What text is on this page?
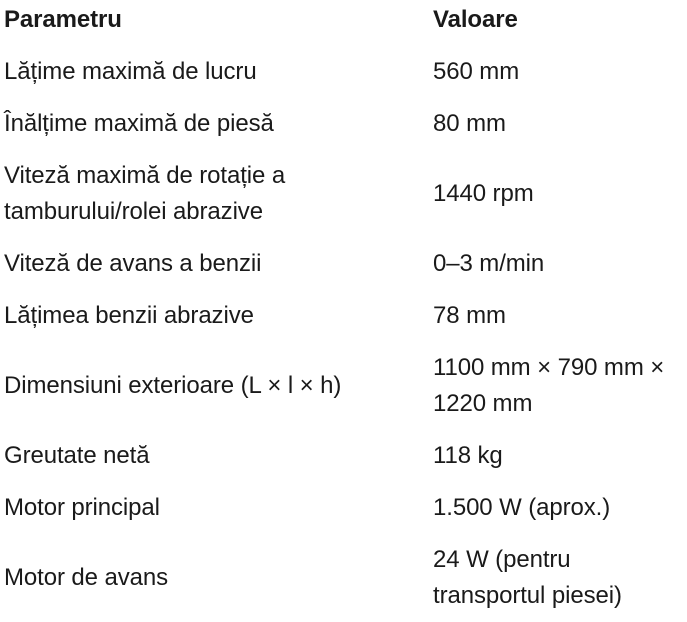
Parametru	Valoare
Lățime maximă de lucru	560 mm
Înălțime maximă de piesă	80 mm
Viteză maximă de rotație a tamburului/rolei abrazive	1440 rpm
Viteză de avans a benzii	0–3 m/min
Lățimea benzii abrazive	78 mm
Dimensiuni exterioare (L × l × h)	1100 mm × 790 mm ×
1220 mm
Greutate netă	118 kg
Motor principal	1.500 W (aprox.)
Motor de avans	24 W (pentru
transportul piesei)
